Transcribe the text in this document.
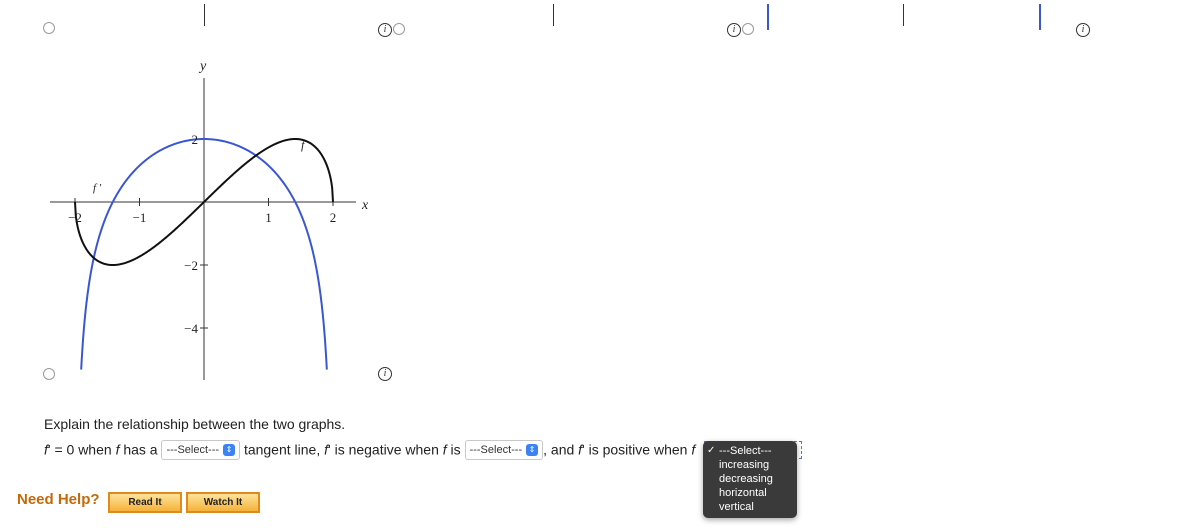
i	i	i
i
y
x
f
f '
−2	−1	1	2
2
−2
−4
Explain the relationship between the two graphs.
f' = 0 when f has a ---Select--- ⇕ tangent line, f' is negative when f is ---Select--- ⇕ , and f' is positive when f ✓ ---Select---
increasing
decreasing
horizontal
vertical
Need Help?	Read It	Watch It
